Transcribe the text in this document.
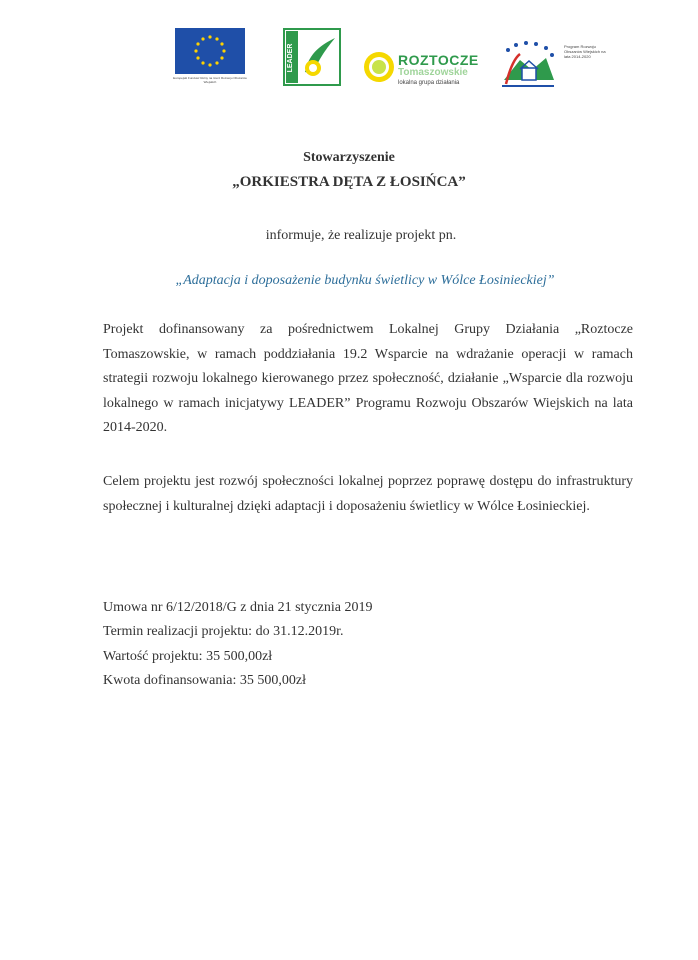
Europejski Fundusz Rolny na rzecz Rozwoju Obszarów Wiejskich
LEADER	ROZTOCZE
Tomaszowskie
lokalna grupa działania
Program Rozwoju Obszarów Wiejskich na lata 2014-2020
Stowarzyszenie
„ORKIESTRA DĘTA Z ŁOSIŃCA”
informuje, że realizuje projekt pn.
„Adaptacja i doposażenie budynku świetlicy w Wólce Łosinieckiej”
Projekt dofinansowany za pośrednictwem Lokalnej Grupy Działania „Roztocze Tomaszowskie, w ramach poddziałania 19.2 Wsparcie na wdrażanie operacji w ramach strategii rozwoju lokalnego kierowanego przez społeczność, działanie „Wsparcie dla rozwoju lokalnego w ramach inicjatywy LEADER” Programu Rozwoju Obszarów Wiejskich na lata 2014-2020.
Celem projektu jest rozwój społeczności lokalnej poprzez poprawę dostępu do infrastruktury społecznej i kulturalnej dzięki adaptacji i doposażeniu świetlicy w Wólce Łosinieckiej.
Umowa nr 6/12/2018/G z dnia 21 stycznia 2019
Termin realizacji projektu: do 31.12.2019r.
Wartość projektu: 35 500,00zł
Kwota dofinansowania: 35 500,00zł
